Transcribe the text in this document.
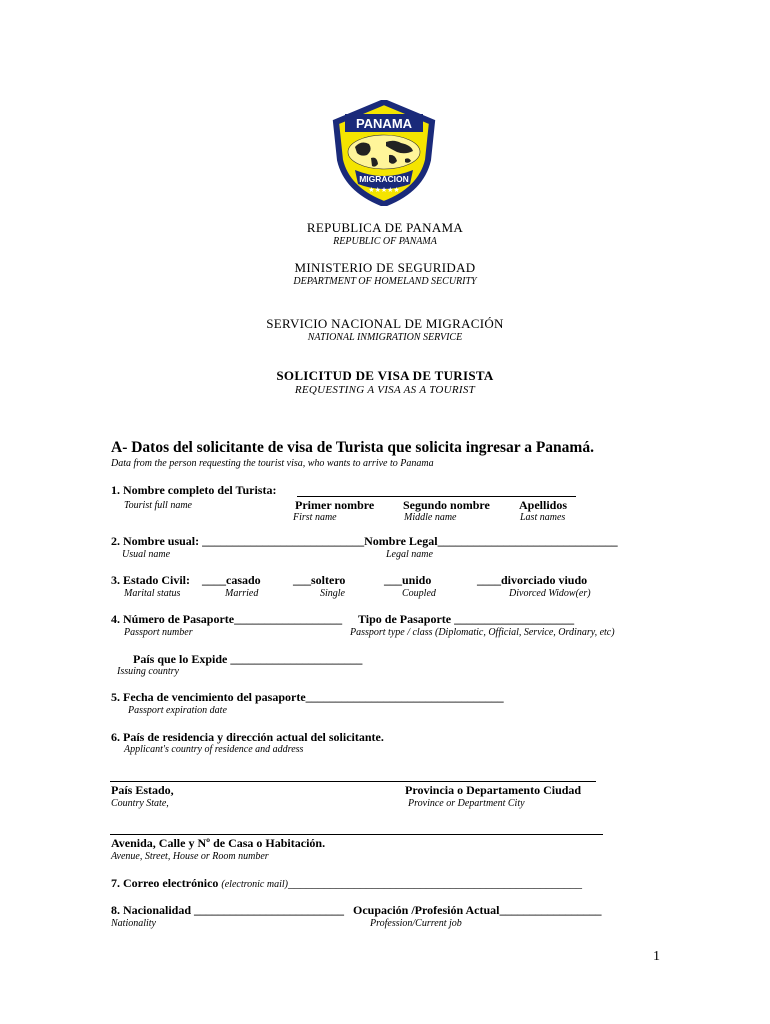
PANAMA
MIGRACION
★★★★★
REPUBLICA DE PANAMA
REPUBLIC OF PANAMA
MINISTERIO DE SEGURIDAD
DEPARTMENT OF HOMELAND SECURITY
SERVICIO NACIONAL DE MIGRACIÓN
NATIONAL INMIGRATION SERVICE
SOLICITUD DE VISA DE TURISTA
REQUESTING A VISA AS A TOURIST
A- Datos del solicitante de visa de Turista que solicita ingresar a Panamá.
Data from the person requesting the tourist visa, who wants to arrive to Panama
1. Nombre completo del Turista:
Tourist full name	Primer nombre Segundo nombre Apellidos
First name	Middle name	Last names
2. Nombre usual: ___________________________Nombre Legal______________________________
Usual name	Legal name
3. Estado Civil: ____casado	___soltero	___unido	____divorciado viudo
Marital status	Married	Single	Coupled	Divorced Widow(er)
4. Número de Pasaporte__________________ Tipo de Pasaporte ____________________
Passport number	Passport type / class (Diplomatic, Official, Service, Ordinary, etc)
País que lo Expide ______________________
Issuing country
5. Fecha de vencimiento del pasaporte_________________________________
Passport expiration date
6. País de residencia y dirección actual del solicitante.
Applicant's country of residence and address
País Estado,	Provincia o Departamento Ciudad
Country State,	Province or Department City
Avenida, Calle y Nº de Casa o Habitación.
Avenue, Street, House or Room number
7. Correo electrónico (electronic mail)_________________________________________________
8. Nacionalidad _________________________ Ocupación /Profesión Actual_________________
Nationality	Profession/Current job
1
